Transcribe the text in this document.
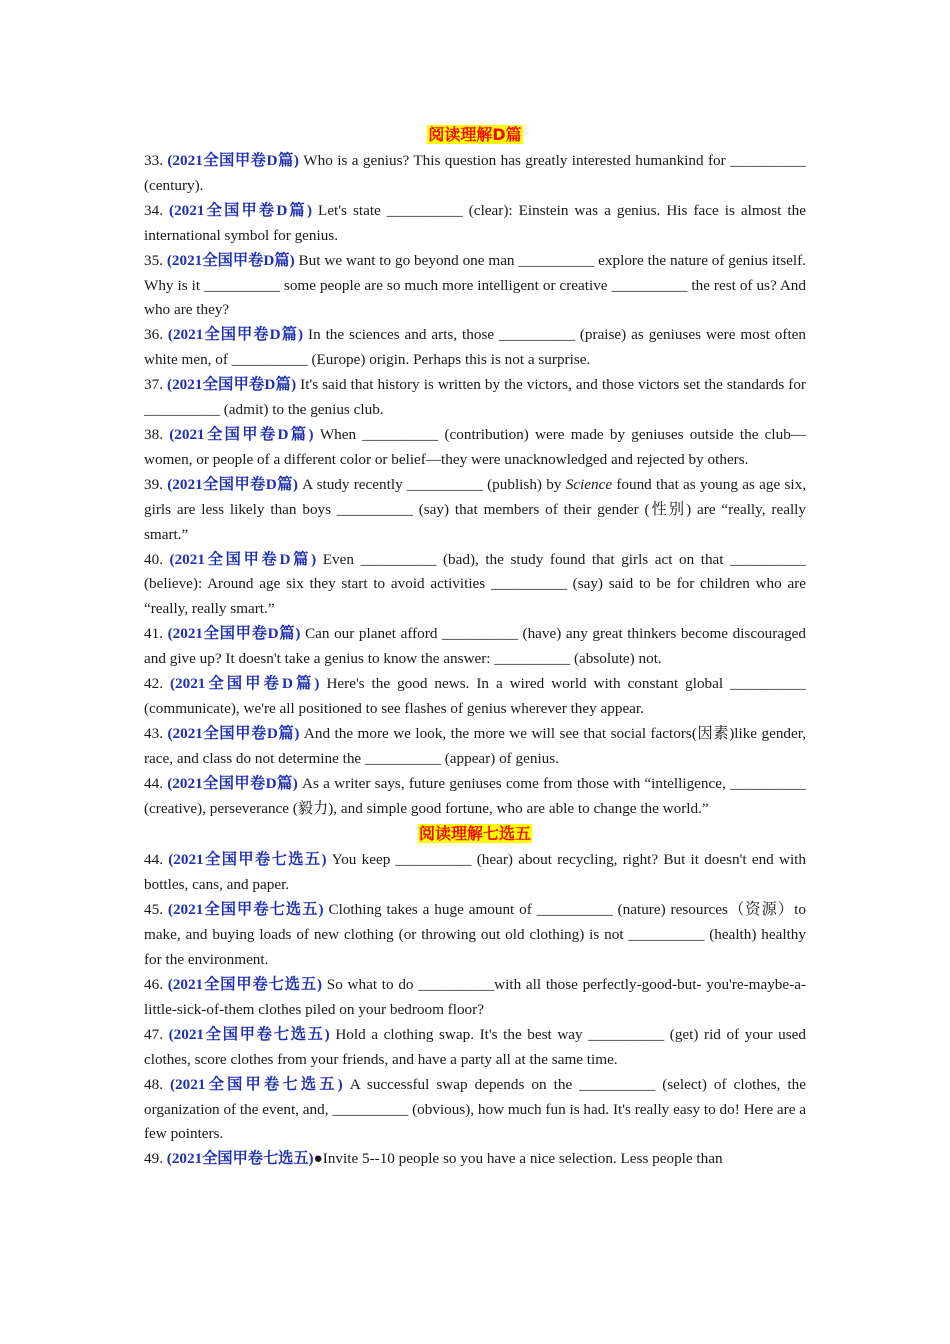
阅读理解D篇

33. (2021全国甲卷D篇) Who is a genius? This question has greatly interested humankind for __________ (century).

34. (2021全国甲卷D篇) Let's state __________ (clear): Einstein was a genius. His face is almost the international symbol for genius.

35. (2021全国甲卷D篇) But we want to go beyond one man __________ explore the nature of genius itself. Why is it __________ some people are so much more intelligent or creative __________ the rest of us? And who are they?

36. (2021全国甲卷D篇) In the sciences and arts, those __________ (praise) as geniuses were most often white men, of __________ (Europe) origin. Perhaps this is not a surprise.

37. (2021全国甲卷D篇) It's said that history is written by the victors, and those victors set the standards for __________ (admit) to the genius club.

38. (2021全国甲卷D篇) When __________ (contribution) were made by geniuses outside the club—women, or people of a different color or belief—they were unacknowledged and rejected by others.

39. (2021全国甲卷D篇) A study recently __________ (publish) by Science found that as young as age six, girls are less likely than boys __________ (say) that members of their gender (性别) are “really, really smart.”

40. (2021全国甲卷D篇) Even __________ (bad), the study found that girls act on that __________ (believe): Around age six they start to avoid activities __________ (say) said to be for children who are “really, really smart.”

41. (2021全国甲卷D篇) Can our planet afford __________ (have) any great thinkers become discouraged and give up? It doesn't take a genius to know the answer: __________ (absolute) not.

42. (2021全国甲卷D篇) Here's the good news. In a wired world with constant global __________ (communicate), we're all positioned to see flashes of genius wherever they appear.

43. (2021全国甲卷D篇) And the more we look, the more we will see that social factors(因素)like gender, race, and class do not determine the __________ (appear) of genius.

44. (2021全国甲卷D篇) As a writer says, future geniuses come from those with “intelligence, __________ (creative), perseverance (毅力), and simple good fortune, who are able to change the world.”

阅读理解七选五

44. (2021全国甲卷七选五) You keep __________ (hear) about recycling, right? But it doesn't end with bottles, cans, and paper.

45. (2021全国甲卷七选五) Clothing takes a huge amount of __________ (nature) resources（资源）to make, and buying loads of new clothing (or throwing out old clothing) is not __________ (health) healthy for the environment.

46. (2021全国甲卷七选五) So what to do __________with all those perfectly-good-but- you're-maybe-a-little-sick-of-them clothes piled on your bedroom floor?

47. (2021全国甲卷七选五) Hold a clothing swap. It's the best way __________ (get) rid of your used clothes, score clothes from your friends, and have a party all at the same time.

48. (2021全国甲卷七选五) A successful swap depends on the __________ (select) of clothes, the organization of the event, and, __________ (obvious), how much fun is had. It's really easy to do! Here are a few pointers.

49. (2021全国甲卷七选五)●Invite 5--10 people so you have a nice selection. Less people than
